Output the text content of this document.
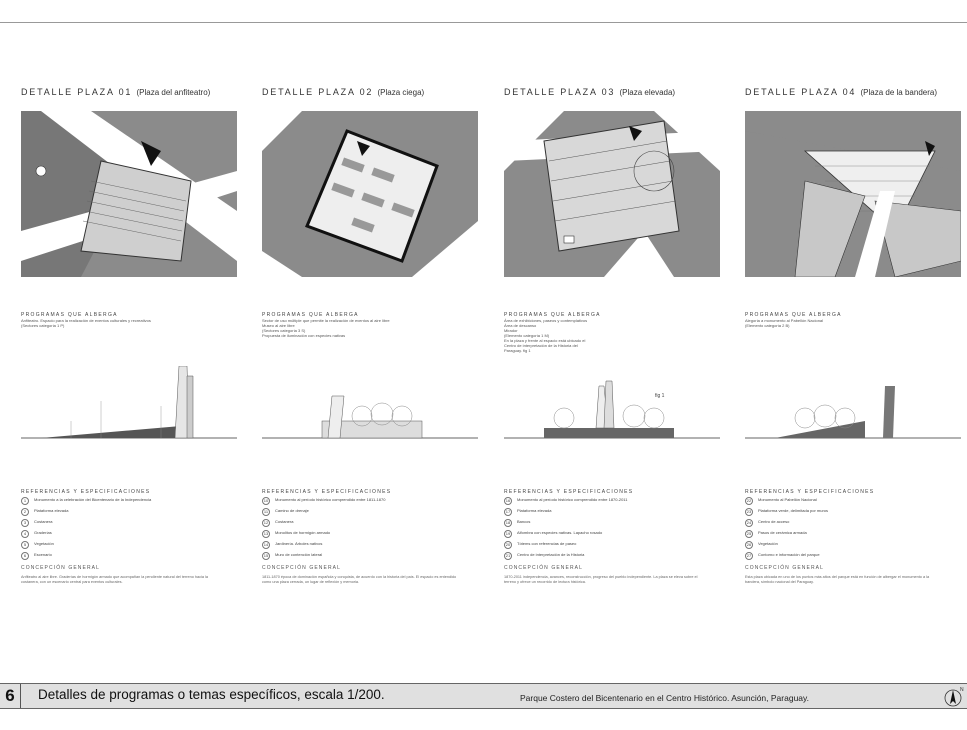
DETALLE PLAZA 01 (Plaza del anfiteatro)
PROGRAMAS QUE ALBERGA
Anfiteatro. Espacio para la realización de eventos culturales y recreativos
(Sectores categoría 1 P)
REFERENCIAS Y ESPECIFICACIONES
1	Monumento a la celebración del Bicentenario de la Independencia
2	Plataforma elevada
3	Costanera
4	Graderías
5	Vegetación
6	Escenario
CONCEPCIÓN GENERAL
Anfiteatro al aire libre. Graderías de hormigón armado que acompañan la pendiente natural del terreno hacia la costanera, con un escenario central para eventos culturales.
DETALLE PLAZA 02 (Plaza ciega)
PROGRAMAS QUE ALBERGA
Sector de uso múltiple que permite la realización de eventos al aire libre
Museo al aire libre
(Sectores categoría 3 S)
Propuesta de iluminación con especies nativas
REFERENCIAS Y ESPECIFICACIONES
10	Monumento al período histórico comprendido entre 1811-1870
11	Camino de drenaje
12	Costanera
13	Monolitos de hormigón armado
14	Jardinería. Árboles nativos
15	Muro de contención lateral
CONCEPCIÓN GENERAL
1811-1870 época de dominación española y conquista, de acuerdo con la historia del país. El espacio es entendido como una plaza cerrada, un lugar de reflexión y memoria.
DETALLE PLAZA 03 (Plaza elevada)
PROGRAMAS QUE ALBERGA
Área de exhibiciones, paseos y contemplativos
Área de descanso
Mirador
(Elemento categoría 1 M)
En la plaza y frente al espacio está ubicado el
Centro de interpretación de la Historia del
Paraguay. fig 1
REFERENCIAS Y ESPECIFICACIONES
16	Monumento al período histórico comprendido entre 1870-2011
17	Plataforma elevada
18	Bancos
19	Alfombra con especies nativas. Lapacho rosado
20	Tótems con referencias de paseo
21	Centro de interpretación de la Historia
CONCEPCIÓN GENERAL
1870-2011 independencia, avances, reconstrucción, progreso del pueblo independiente. La plaza se eleva sobre el terreno y ofrece un recorrido de lectura histórica.
DETALLE PLAZA 04 (Plaza de la bandera)
PROGRAMAS QUE ALBERGA
Alegoría a monumento al Pabellón Nacional
(Elemento categoría 2 B)
REFERENCIAS Y ESPECIFICACIONES
22	Monumento al Pabellón Nacional
23	Plataforma verde, delimitada por muros
24	Centro de acceso
25	Pasos de cerámica armada
26	Vegetación
27	Contorno e información del parque
CONCEPCIÓN GENERAL
Esta plaza ubicada en uno de los puntos más altos del parque está en función de albergar el monumento a la bandera, símbolo nacional del Paraguay.
fig 1
6	Detalles de programas o temas específicos, escala 1/200.	Parque Costero del Bicentenario en el Centro Histórico. Asunción, Paraguay.
N
